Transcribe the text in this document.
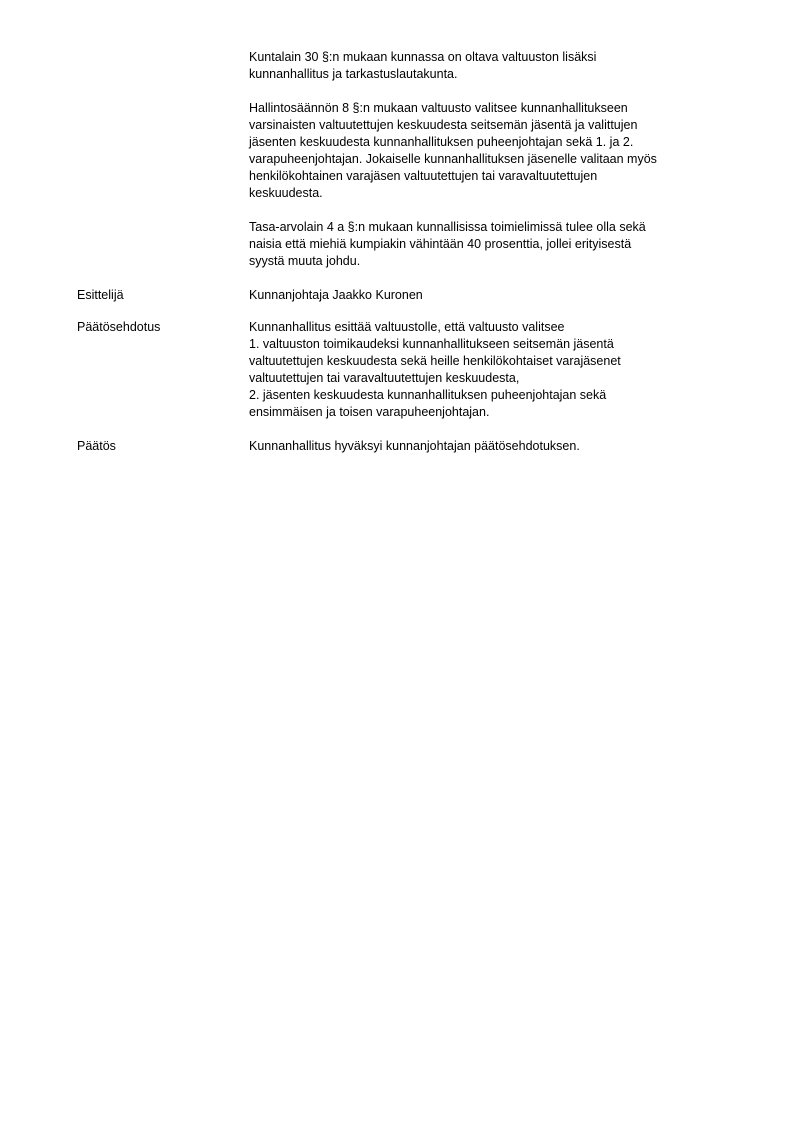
Kuntalain 30 §:n mukaan kunnassa on oltava valtuuston lisäksi
kunnanhallitus ja tarkastuslautakunta.
Hallintosäännön 8 §:n mukaan valtuusto valitsee kunnanhallitukseen
varsinaisten valtuutettujen keskuudesta seitsemän jäsentä ja valittujen
jäsenten keskuudesta kunnanhallituksen puheenjohtajan sekä 1. ja 2.
varapuheenjohtajan. Jokaiselle kunnanhallituksen jäsenelle valitaan myös
henkilökohtainen varajäsen valtuutettujen tai varavaltuutettujen
keskuudesta.
Tasa-arvolain 4 a §:n mukaan kunnallisissa toimielimissä tulee olla sekä
naisia että miehiä kumpiakin vähintään 40 prosenttia, jollei erityisestä
syystä muuta johdu.
Esittelijä	Kunnanjohtaja Jaakko Kuronen
Päätösehdotus	Kunnanhallitus esittää valtuustolle, että valtuusto valitsee
1. valtuuston toimikaudeksi kunnanhallitukseen seitsemän jäsentä
valtuutettujen keskuudesta sekä heille henkilökohtaiset varajäsenet
valtuutettujen tai varavaltuutettujen keskuudesta,
2. jäsenten keskuudesta kunnanhallituksen puheenjohtajan sekä
ensimmäisen ja toisen varapuheenjohtajan.
Päätös	Kunnanhallitus hyväksyi kunnanjohtajan päätösehdotuksen.
